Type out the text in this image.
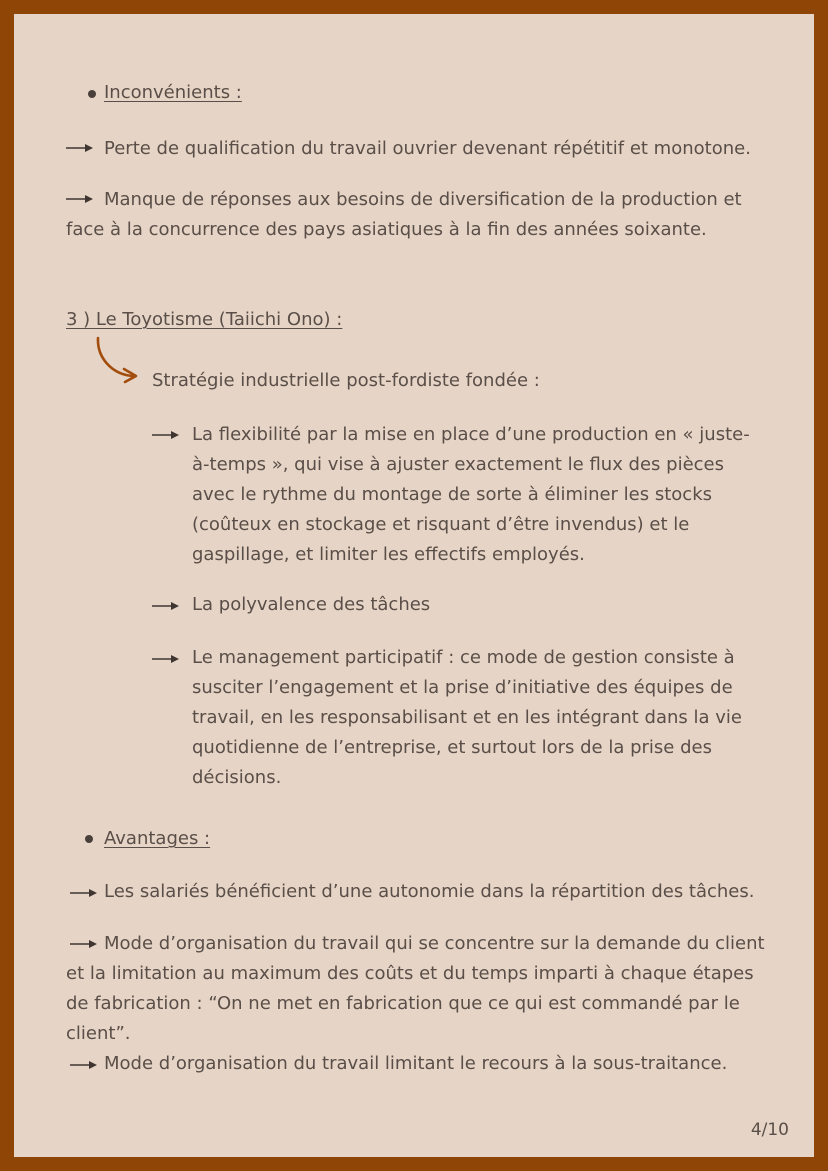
Inconvénients :

Perte de qualification du travail ouvrier devenant répétitif et monotone.

Manque de réponses aux besoins de diversification de la production et face à la concurrence des pays asiatiques à la fin des années soixante.

3 ) Le Toyotisme (Taiichi Ono) :
Stratégie industrielle post-fordiste fondée :

La flexibilité par la mise en place d’une production en « juste-à-temps », qui vise à ajuster exactement le flux des pièces avec le rythme du montage de sorte à éliminer les stocks (coûteux en stockage et risquant d’être invendus) et le gaspillage, et limiter les effectifs employés.

La polyvalence des tâches

Le management participatif : ce mode de gestion consiste à susciter l’engagement et la prise d’initiative des équipes de travail, en les responsabilisant et en les intégrant dans la vie quotidienne de l’entreprise, et surtout lors de la prise des décisions.

Avantages :

Les salariés bénéficient d’une autonomie dans la répartition des tâches.

Mode d’organisation du travail qui se concentre sur la demande du client et la limitation au maximum des coûts et du temps imparti à chaque étapes de fabrication : “On ne met en fabrication que ce qui est commandé par le client”.

Mode d’organisation du travail limitant le recours à la sous-traitance.

4/10
